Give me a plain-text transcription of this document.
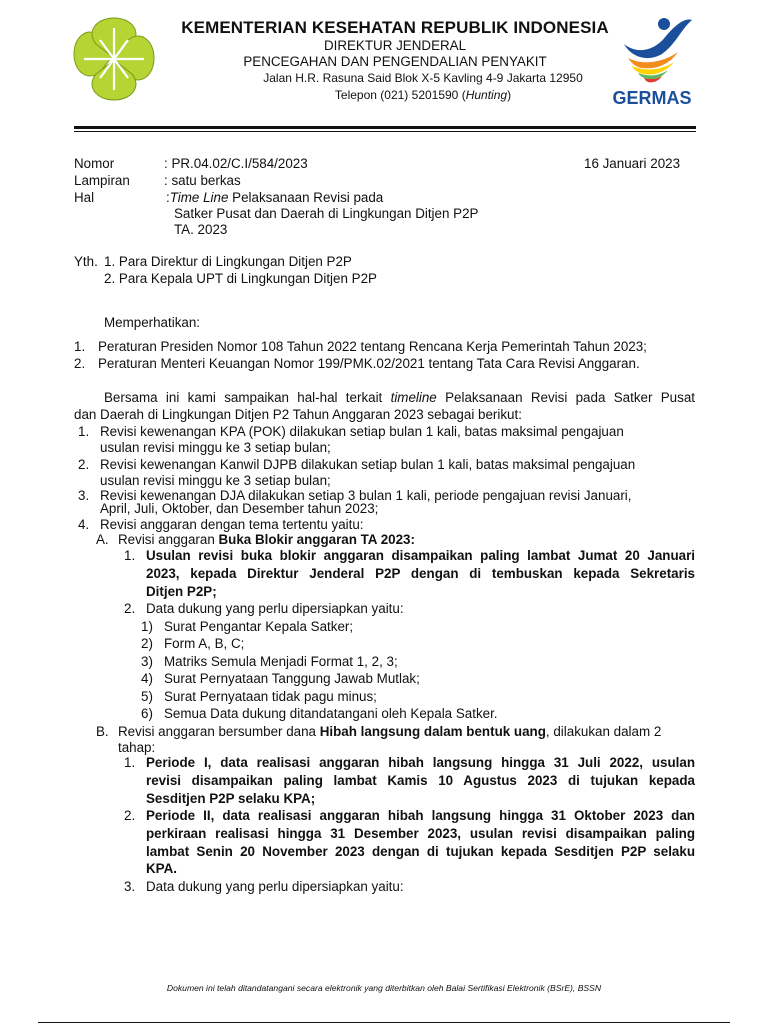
KEMENTERIAN KESEHATAN REPUBLIK INDONESIA
DIREKTUR JENDERAL
PENCEGAHAN DAN PENGENDALIAN PENYAKIT
Jalan H.R. Rasuna Said Blok X-5 Kavling 4-9 Jakarta 12950
Telepon (021) 5201590 (Hunting)	GERMAS
Nomor	: PR.04.02/C.I/584/2023	16 Januari 2023
Lampiran	: satu berkas
Hal	:Time Line Pelaksanaan Revisi pada
Satker Pusat dan Daerah di Lingkungan Ditjen P2P
TA. 2023
Yth. 1. Para Direktur di Lingkungan Ditjen P2P
2. Para Kepala UPT di Lingkungan Ditjen P2P
Memperhatikan:
1. Peraturan Presiden Nomor 108 Tahun 2022 tentang Rencana Kerja Pemerintah Tahun 2023;
2. Peraturan Menteri Keuangan Nomor 199/PMK.02/2021 tentang Tata Cara Revisi Anggaran.
Bersama ini kami sampaikan hal-hal terkait timeline Pelaksanaan Revisi pada Satker Pusat
dan Daerah di Lingkungan Ditjen P2 Tahun Anggaran 2023 sebagai berikut:
1. Revisi kewenangan KPA (POK) dilakukan setiap bulan 1 kali, batas maksimal pengajuan
usulan revisi minggu ke 3 setiap bulan;
2. Revisi kewenangan Kanwil DJPB dilakukan setiap bulan 1 kali, batas maksimal pengajuan
usulan revisi minggu ke 3 setiap bulan;
3. Revisi kewenangan DJA dilakukan setiap 3 bulan 1 kali, periode pengajuan revisi Januari,
April, Juli, Oktober, dan Desember tahun 2023;
4. Revisi anggaran dengan tema tertentu yaitu:
A. Revisi anggaran Buka Blokir anggaran TA 2023:
1. Usulan revisi buka blokir anggaran disampaikan paling lambat Jumat 20 Januari
2023, kepada Direktur Jenderal P2P dengan di tembuskan kepada Sekretaris
Ditjen P2P;
2. Data dukung yang perlu dipersiapkan yaitu:
1) Surat Pengantar Kepala Satker;
2) Form A, B, C;
3) Matriks Semula Menjadi Format 1, 2, 3;
4) Surat Pernyataan Tanggung Jawab Mutlak;
5) Surat Pernyataan tidak pagu minus;
6) Semua Data dukung ditandatangani oleh Kepala Satker.
B. Revisi anggaran bersumber dana Hibah langsung dalam bentuk uang, dilakukan dalam 2
tahap:
1. Periode I, data realisasi anggaran hibah langsung hingga 31 Juli 2022, usulan
revisi disampaikan paling lambat Kamis 10 Agustus 2023 di tujukan kepada
Sesditjen P2P selaku KPA;
2. Periode II, data realisasi anggaran hibah langsung hingga 31 Oktober 2023 dan
perkiraan realisasi hingga 31 Desember 2023, usulan revisi disampaikan paling
lambat Senin 20 November 2023 dengan di tujukan kepada Sesditjen P2P selaku
KPA.
3. Data dukung yang perlu dipersiapkan yaitu:
Dokumen ini telah ditandatangani secara elektronik yang diterbitkan oleh Balai Sertifikasi Elektronik (BSrE), BSSN
